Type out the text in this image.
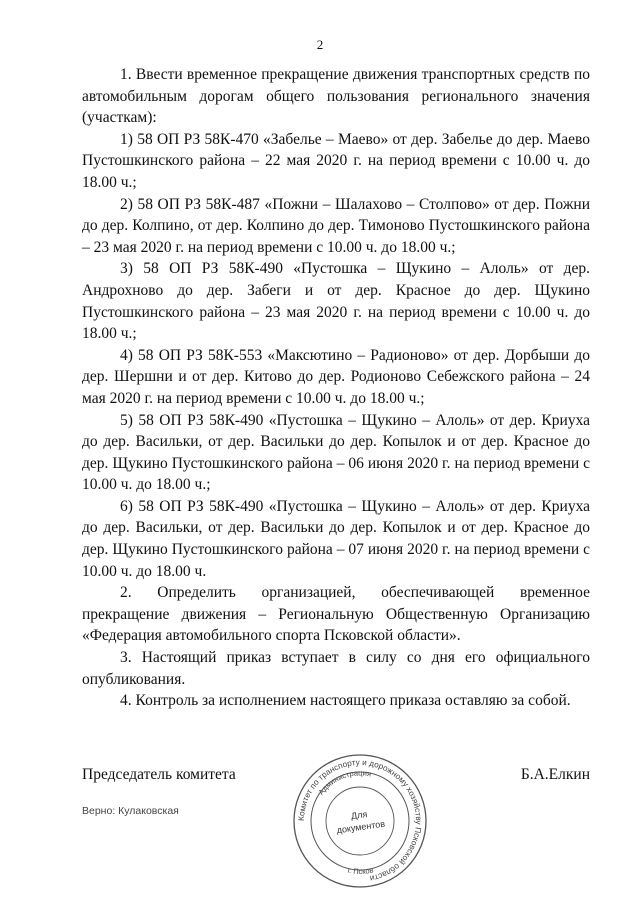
2

1. Ввести временное прекращение движения транспортных средств по автомобильным дорогам общего пользования регионального значения (участкам):

1) 58 ОП РЗ 58К-470 «Забелье – Маево» от дер. Забелье до дер. Маево Пустошкинского района – 22 мая 2020 г. на период времени с 10.00 ч. до 18.00 ч.;

2) 58 ОП РЗ 58К-487 «Пожни – Шалахово – Столпово» от дер. Пожни до дер. Колпино, от дер. Колпино до дер. Тимоново Пустошкинского района – 23 мая 2020 г. на период времени с 10.00 ч. до 18.00 ч.;

3) 58 ОП РЗ 58К-490 «Пустошка – Щукино – Алоль» от дер. Андрохново до дер. Забеги и от дер. Красное до дер. Щукино Пустошкинского района – 23 мая 2020 г. на период времени с 10.00 ч. до 18.00 ч.;

4) 58 ОП РЗ 58К-553 «Максютино – Радионово» от дер. Дорбыши до дер. Шершни и от дер. Китово до дер. Родионово Себежского района – 24 мая 2020 г. на период времени с 10.00 ч. до 18.00 ч.;

5) 58 ОП РЗ 58К-490 «Пустошка – Щукино – Алоль» от дер. Криуха до дер. Васильки, от дер. Васильки до дер. Копылок и от дер. Красное до дер. Щукино Пустошкинского района – 06 июня 2020 г. на период времени с 10.00 ч. до 18.00 ч.;

6) 58 ОП РЗ 58К-490 «Пустошка – Щукино – Алоль» от дер. Криуха до дер. Васильки, от дер. Васильки до дер. Копылок и от дер. Красное до дер. Щукино Пустошкинского района – 07 июня 2020 г. на период времени с 10.00 ч. до 18.00 ч.

2. Определить организацией, обеспечивающей временное прекращение движения – Региональную Общественную Организацию «Федерация автомобильного спорта Псковской области».

3. Настоящий приказ вступает в силу со дня его официального опубликования.

4. Контроль за исполнением настоящего приказа оставляю за собой.

Председатель комитета	Б.А.Елкин
Верно: Кулаковская
Комитет по транспорту и дорожному хозяйству Псковской области
Администрация
г. Псков
Для
документов
